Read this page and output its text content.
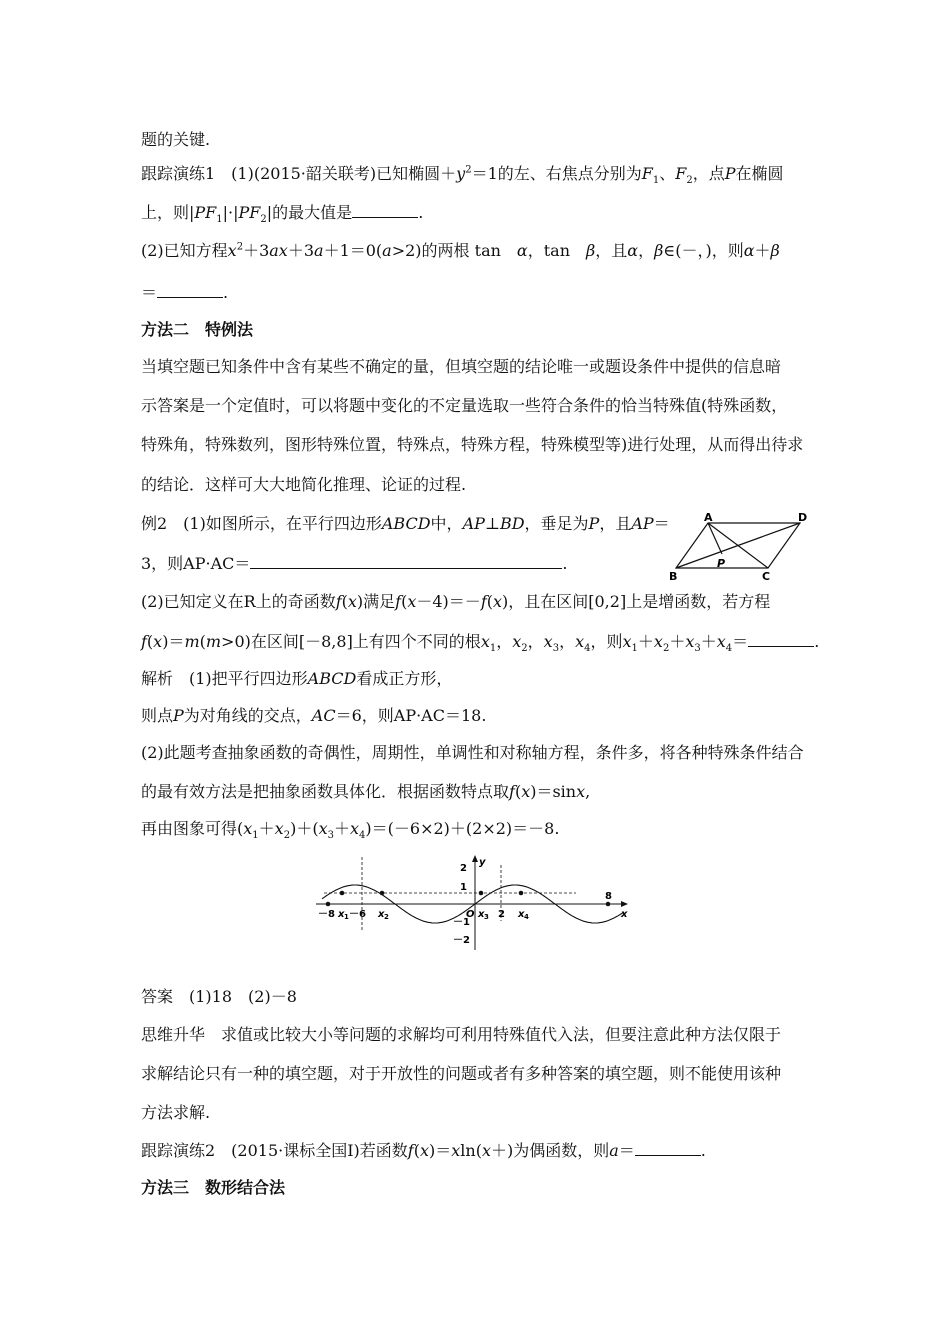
题的关键.
跟踪演练1　(1)(2015·韶关联考)已知椭圆$+y^2=1$的左、右焦点分别为$F_1$、$F_2$，点P在椭圆
上，则$|PF_1|\cdot|PF_2|$的最大值是	.
(2)已知方程$x^2+3ax+3a+1=0(a>2)$的两根 tan　α，tan　β，且α，β∈(－，)，则α＋β
＝	.
方法二　特例法
当填空题已知条件中含有某些不确定的量，但填空题的结论唯一或题设条件中提供的信息暗
示答案是一个定值时，可以将题中变化的不定量选取一些符合条件的恰当特殊值(特殊函数，
特殊角，特殊数列，图形特殊位置，特殊点，特殊方程，特殊模型等)进行处理，从而得出待求
的结论．这样可大大地简化推理、论证的过程.
例2　(1)如图所示，在平行四边形ABCD中，AP⊥BD，垂足为P，且AP＝
3，则AP·AC＝	.
A	D
B	C
P
(2)已知定义在R上的奇函数f(x)满足f(x－4)＝－f(x)，且在区间[0,2]上是增函数，若方程
f(x)＝m(m>0)在区间[－8,8]上有四个不同的根$x_1$，$x_2$，$x_3$，$x_4$，则$x_1+x_2+x_3+x_4=$	.
解析　(1)把平行四边形ABCD看成正方形，
则点P为对角线的交点，AC＝6，则AP·AC＝18.
(2)此题考查抽象函数的奇偶性，周期性，单调性和对称轴方程，条件多，将各种特殊条件结合
的最有效方法是把抽象函数具体化．根据函数特点取f(x)＝sinx,
再由图象可得$(x_1+x_2)+(x_3+x_4)=(-6\times 2)+(2\times 2)=-8$.
y
x
2
1
－1
－2
－8 x 1 －6 x 2	O x 3 2 x 4
8
答案　(1)18　(2)－8
思维升华　求值或比较大小等问题的求解均可利用特殊值代入法，但要注意此种方法仅限于
求解结论只有一种的填空题，对于开放性的问题或者有多种答案的填空题，则不能使用该种
方法求解.
跟踪演练2　(2015·课标全国Ⅰ)若函数f(x)＝xln(x＋)为偶函数，则a＝	.
方法三　数形结合法
